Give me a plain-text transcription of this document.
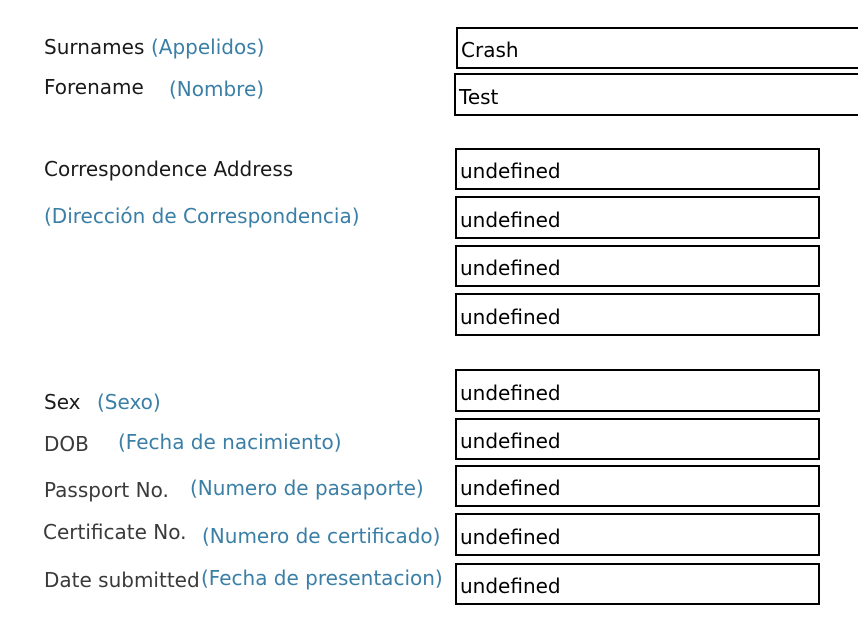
Surnames (Appelidos)	Crash
Forename (Nombre)	Test
Correspondence Address
(Dirección de Correspondencia)
undefined
undefined
undefined
undefined
Sex (Sexo)	undefined
DOB (Fecha de nacimiento)	undefined
Passport No. (Numero de pasaporte) undefined
Certificate No. (Numero de certificado) undefined
Date submitted (Fecha de presentacion) undefined
